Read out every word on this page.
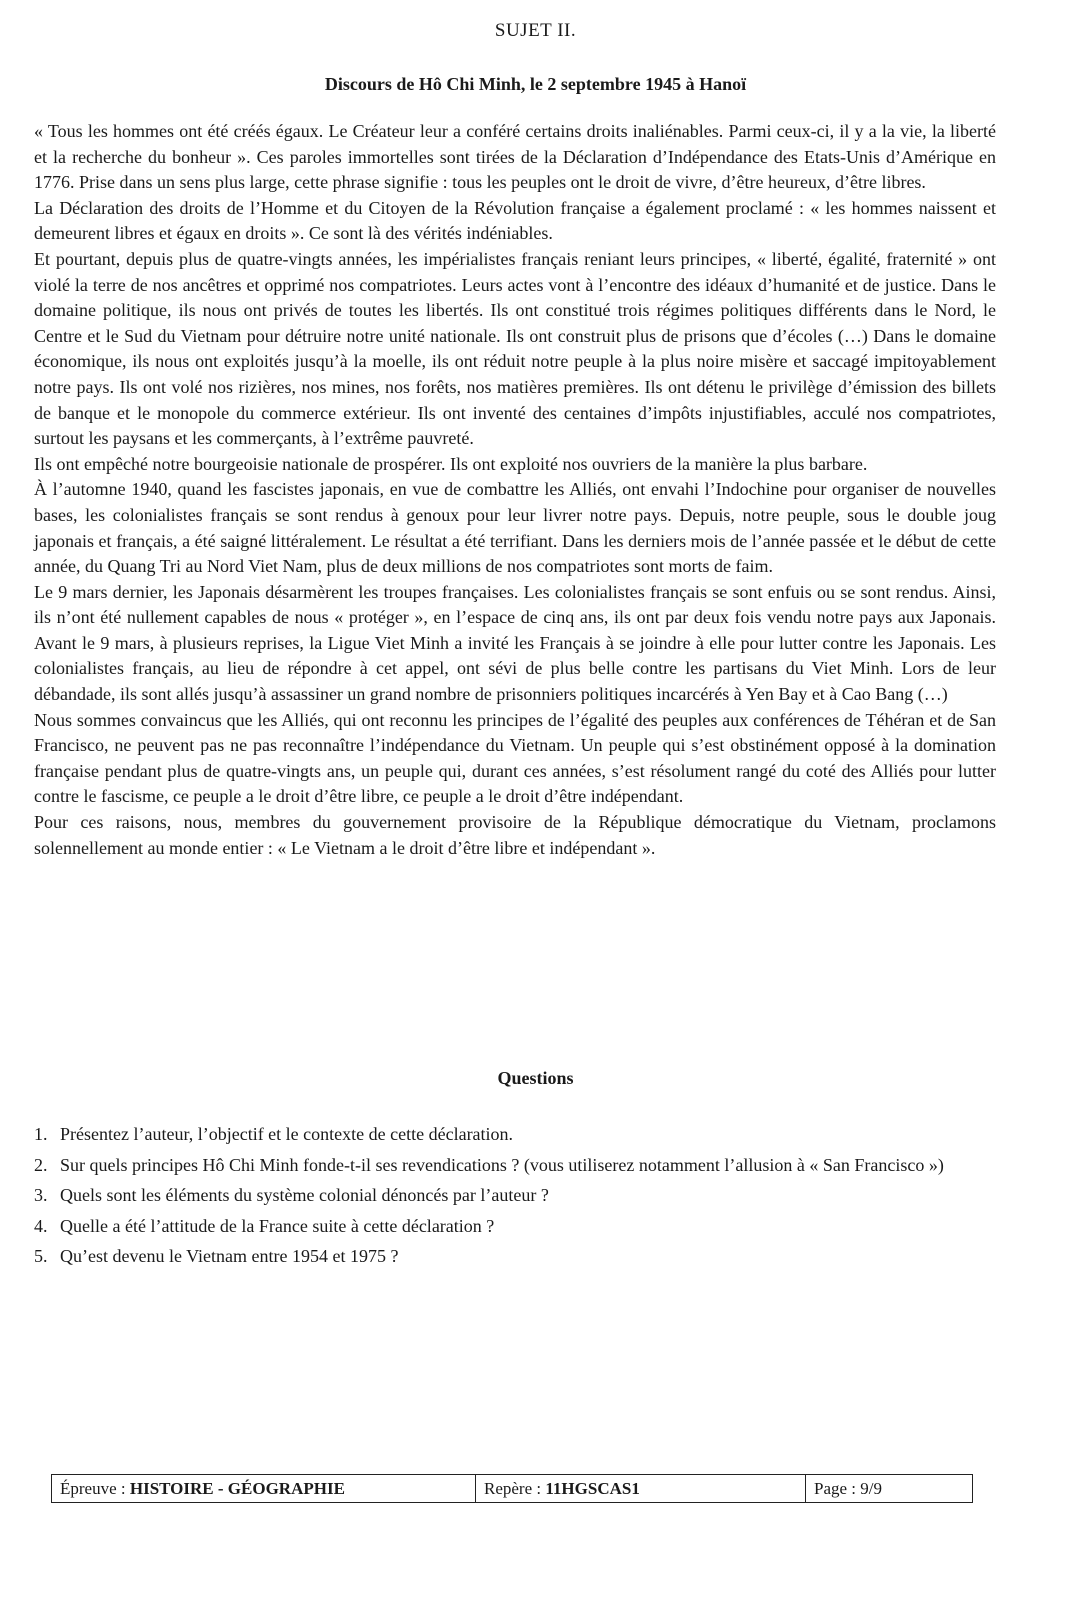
SUJET II.
Discours de Hô Chi Minh, le 2 septembre 1945 à Hanoï

« Tous les hommes ont été créés égaux. Le Créateur leur a conféré certains droits inaliénables. Parmi ceux-ci, il y a la vie, la liberté et la recherche du bonheur ». Ces paroles immortelles sont tirées de la Déclaration d’Indépendance des Etats-Unis d’Amérique en 1776. Prise dans un sens plus large, cette phrase signifie : tous les peuples ont le droit de vivre, d’être heureux, d’être libres.

La Déclaration des droits de l’Homme et du Citoyen de la Révolution française a également proclamé : « les hommes naissent et demeurent libres et égaux en droits ». Ce sont là des vérités indéniables.

Et pourtant, depuis plus de quatre-vingts années, les impérialistes français reniant leurs principes, « liberté, égalité, fraternité » ont violé la terre de nos ancêtres et opprimé nos compatriotes. Leurs actes vont à l’encontre des idéaux d’humanité et de justice. Dans le domaine politique, ils nous ont privés de toutes les libertés. Ils ont constitué trois régimes politiques différents dans le Nord, le Centre et le Sud du Vietnam pour détruire notre unité nationale. Ils ont construit plus de prisons que d’écoles (…) Dans le domaine économique, ils nous ont exploités jusqu’à la moelle, ils ont réduit notre peuple à la plus noire misère et saccagé impitoyablement notre pays. Ils ont volé nos rizières, nos mines, nos forêts, nos matières premières. Ils ont détenu le privilège d’émission des billets de banque et le monopole du commerce extérieur. Ils ont inventé des centaines d’impôts injustifiables, acculé nos compatriotes, surtout les paysans et les commerçants, à l’extrême pauvreté.

Ils ont empêché notre bourgeoisie nationale de prospérer. Ils ont exploité nos ouvriers de la manière la plus barbare.

À l’automne 1940, quand les fascistes japonais, en vue de combattre les Alliés, ont envahi l’Indochine pour organiser de nouvelles bases, les colonialistes français se sont rendus à genoux pour leur livrer notre pays. Depuis, notre peuple, sous le double joug japonais et français, a été saigné littéralement. Le résultat a été terrifiant. Dans les derniers mois de l’année passée et le début de cette année, du Quang Tri au Nord Viet Nam, plus de deux millions de nos compatriotes sont morts de faim.

Le 9 mars dernier, les Japonais désarmèrent les troupes françaises. Les colonialistes français se sont enfuis ou se sont rendus. Ainsi, ils n’ont été nullement capables de nous « protéger », en l’espace de cinq ans, ils ont par deux fois vendu notre pays aux Japonais. Avant le 9 mars, à plusieurs reprises, la Ligue Viet Minh a invité les Français à se joindre à elle pour lutter contre les Japonais. Les colonialistes français, au lieu de répondre à cet appel, ont sévi de plus belle contre les partisans du Viet Minh. Lors de leur débandade, ils sont allés jusqu’à assassiner un grand nombre de prisonniers politiques incarcérés à Yen Bay et à Cao Bang (…)

Nous sommes convaincus que les Alliés, qui ont reconnu les principes de l’égalité des peuples aux conférences de Téhéran et de San Francisco, ne peuvent pas ne pas reconnaître l’indépendance du Vietnam. Un peuple qui s’est obstinément opposé à la domination française pendant plus de quatre-vingts ans, un peuple qui, durant ces années, s’est résolument rangé du coté des Alliés pour lutter contre le fascisme, ce peuple a le droit d’être libre, ce peuple a le droit d’être indépendant.

Pour ces raisons, nous, membres du gouvernement provisoire de la République démocratique du Vietnam, proclamons solennellement au monde entier : « Le Vietnam a le droit d’être libre et indépendant ».

Questions
1. Présentez l’auteur, l’objectif et le contexte de cette déclaration.
2. Sur quels principes Hô Chi Minh fonde-t-il ses revendications ? (vous utiliserez notamment l’allusion à « San Francisco »)
3. Quels sont les éléments du système colonial dénoncés par l’auteur ?
4. Quelle a été l’attitude de la France suite à cette déclaration ?
5. Qu’est devenu le Vietnam entre 1954 et 1975 ?
Épreuve : HISTOIRE - GÉOGRAPHIE	Repère : 11HGSCAS1	Page : 9/9
